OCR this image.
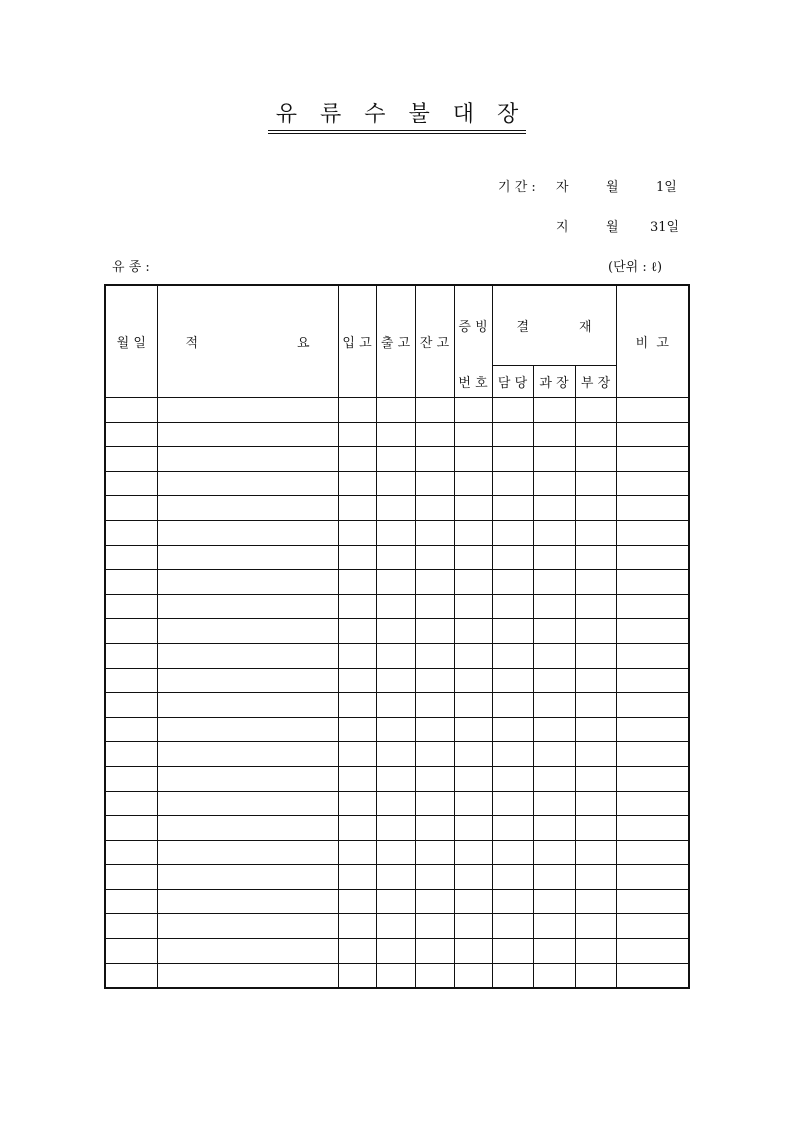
유 류 수 불 대 장
기 간 : 자	월	1일
지	월 31일
유 종 :	(단위 : ℓ)
월 일	적 요	입 고	출 고	잔 고	증 빙	결 재			비  고
					번 호	담 당	과 장	부 장	
